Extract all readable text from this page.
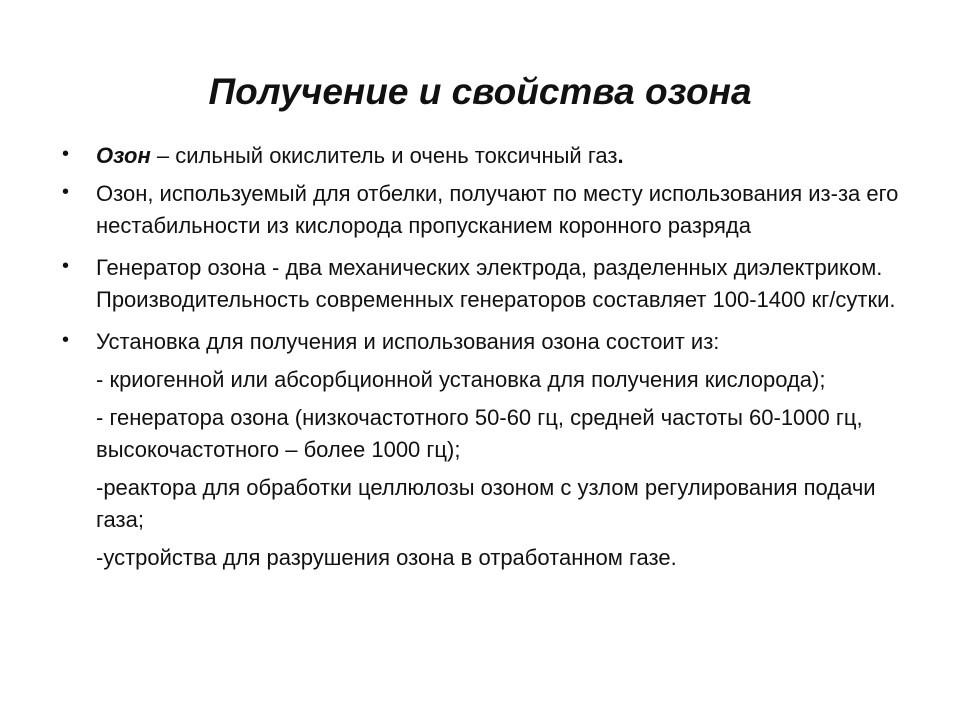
Получение и свойства озона
• Озон – сильный окислитель и очень токсичный газ.
• Озон, используемый для отбелки, получают по месту использования из-за его нестабильности из кислорода пропусканием коронного разряда
• Генератор озона - два механических электрода, разделенных диэлектриком. Производительность современных генераторов составляет 100-1400 кг/сутки.
• Установка для получения и использования озона состоит из:
- криогенной или абсорбционной установка для получения кислорода);
- генератора озона (низкочастотного 50-60 гц, средней частоты 60-1000 гц, высокочастотного – более 1000 гц);
-реактора для обработки целлюлозы озоном с узлом регулирования подачи газа;
-устройства для разрушения озона в отработанном газе.
